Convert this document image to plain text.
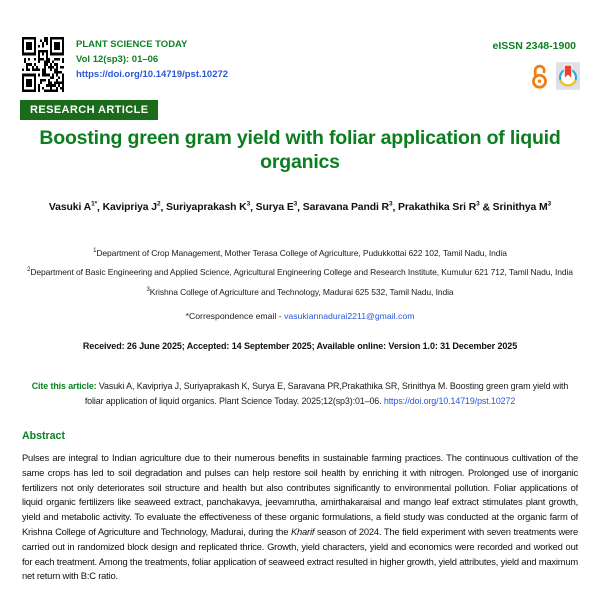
PLANT SCIENCE TODAY
Vol 12(sp3): 01–06
https://doi.org/10.14719/pst.10272
eISSN 2348-1900
RESEARCH ARTICLE
Boosting green gram yield with foliar application of liquid organics
Vasuki $A^{1*}$, Kavipriya $J^2$, Suriyaprakash $K^3$, Surya $E^3$, Saravana Pandi $R^3$, Prakathika Sri $R^3$ & Srinithya $M^3$
$^1$Department of Crop Management, Mother Terasa College of Agriculture, Pudukkottai 622 102, Tamil Nadu, India
$^2$Department of Basic Engineering and Applied Science, Agricultural Engineering College and Research Institute, Kumulur 621 712, Tamil Nadu, India
$^3$Krishna College of Agriculture and Technology, Madurai 625 532, Tamil Nadu, India
*Correspondence email - vasukiannadurai2211@gmail.com
Received: 26 June 2025; Accepted: 14 September 2025; Available online: Version 1.0: 31 December 2025
Cite this article: Vasuki A, Kavipriya J, Suriyaprakash K, Surya E, Saravana PR,Prakathika SR, Srinithya M. Boosting green gram yield with foliar application of liquid organics. Plant Science Today. 2025;12(sp3):01–06. https://doi.org/10.14719/pst.10272
Abstract
Pulses are integral to Indian agriculture due to their numerous benefits in sustainable farming practices. The continuous cultivation of the same crops has led to soil degradation and pulses can help restore soil health by enriching it with nitrogen. Prolonged use of inorganic fertilizers not only deteriorates soil structure and health but also contributes significantly to environmental pollution. Foliar applications of liquid organic fertilizers like seaweed extract, panchakavya, jeevamrutha, amirthakaraisal and mango leaf extract stimulates plant growth, yield and metabolic activity. To evaluate the effectiveness of these organic formulations, a field study was conducted at the organic farm of Krishna College of Agriculture and Technology, Madurai, during the Kharif season of 2024. The field experiment with seven treatments were carried out in randomized block design and replicated thrice. Growth, yield characters, yield and economics were recorded and worked out for each treatment. Among the treatments, foliar application of seaweed extract resulted in higher growth, yield attributes, yield and maximum net return with B:C ratio.
